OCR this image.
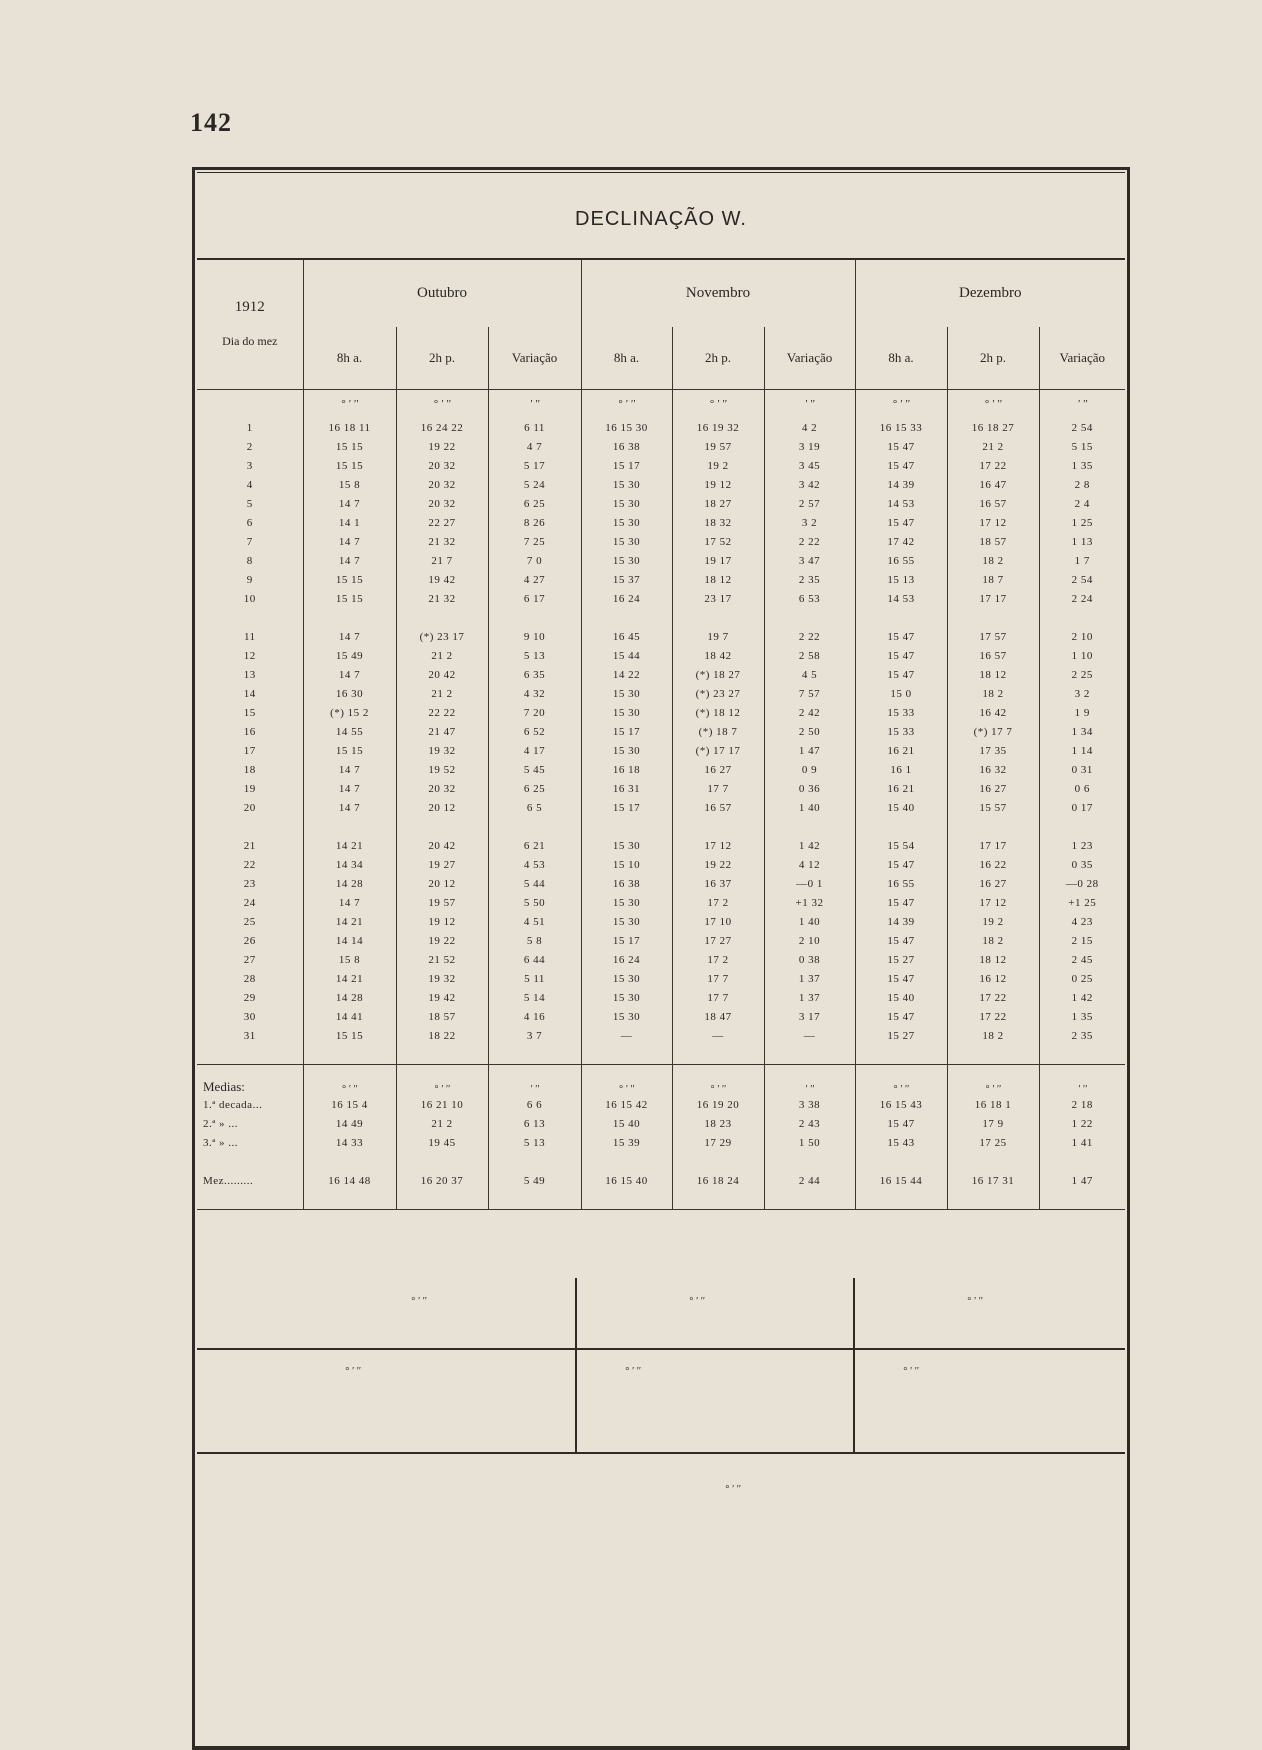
142
DECLINAÇÃO W.
1912
Dia do mez	Outubro			Novembro			Dezembro		
	8h a.	2h p.	Variação	8h a.	2h p.	Variação	8h a.	2h p.	Variação
	° ' ''	° ' ''	' ''	° ' ''	° ' ''	' ''	° ' ''	° ' ''	' ''
1	16 18 11	16 24 22	6 11	16 15 30	16 19 32	4 2	16 15 33	16 18 27	2 54
2	15 15	19 22	4 7	16 38	19 57	3 19	15 47	21 2	5 15
3	15 15	20 32	5 17	15 17	19 2	3 45	15 47	17 22	1 35
4	15 8	20 32	5 24	15 30	19 12	3 42	14 39	16 47	2 8
5	14 7	20 32	6 25	15 30	18 27	2 57	14 53	16 57	2 4
6	14 1	22 27	8 26	15 30	18 32	3 2	15 47	17 12	1 25
7	14 7	21 32	7 25	15 30	17 52	2 22	17 42	18 57	1 13
8	14 7	21 7	7 0	15 30	19 17	3 47	16 55	18 2	1 7
9	15 15	19 42	4 27	15 37	18 12	2 35	15 13	18 7	2 54
10	15 15	21 32	6 17	16 24	23 17	6 53	14 53	17 17	2 24

11	14 7	(*) 23 17	9 10	16 45	19 7	2 22	15 47	17 57	2 10
12	15 49	21 2	5 13	15 44	18 42	2 58	15 47	16 57	1 10
13	14 7	20 42	6 35	14 22	(*) 18 27	4 5	15 47	18 12	2 25
14	16 30	21 2	4 32	15 30	(*) 23 27	7 57	15 0	18 2	3 2
15	(*) 15 2	22 22	7 20	15 30	(*) 18 12	2 42	15 33	16 42	1 9
16	14 55	21 47	6 52	15 17	(*) 18 7	2 50	15 33	(*) 17 7	1 34
17	15 15	19 32	4 17	15 30	(*) 17 17	1 47	16 21	17 35	1 14
18	14 7	19 52	5 45	16 18	16 27	0 9	16 1	16 32	0 31
19	14 7	20 32	6 25	16 31	17 7	0 36	16 21	16 27	0 6
20	14 7	20 12	6 5	15 17	16 57	1 40	15 40	15 57	0 17

21	14 21	20 42	6 21	15 30	17 12	1 42	15 54	17 17	1 23
22	14 34	19 27	4 53	15 10	19 22	4 12	15 47	16 22	0 35
23	14 28	20 12	5 44	16 38	16 37	—0 1	16 55	16 27	—0 28
24	14 7	19 57	5 50	15 30	17 2	+1 32	15 47	17 12	+1 25
25	14 21	19 12	4 51	15 30	17 10	1 40	14 39	19 2	4 23
26	14 14	19 22	5 8	15 17	17 27	2 10	15 47	18 2	2 15
27	15 8	21 52	6 44	16 24	17 2	0 38	15 27	18 12	2 45
28	14 21	19 32	5 11	15 30	17 7	1 37	15 47	16 12	0 25
29	14 28	19 42	5 14	15 30	17 7	1 37	15 40	17 22	1 42
30	14 41	18 57	4 16	15 30	18 47	3 17	15 47	17 22	1 35
31	15 15	18 22	3 7	—	—	—	15 27	18 2	2 35

Medias:	° ' ''	° ' ''	' ''	° ' ''	° ' ''	' ''	° ' ''	° ' ''	' ''
1.ª decada...	16 15 4	16 21 10	6 6	16 15 42	16 19 20	3 38	16 15 43	16 18 1	2 18
2.ª » ...	14 49	21 2	6 13	15 40	18 23	2 43	15 47	17 9	1 22
3.ª » ...	14 33	19 45	5 13	15 39	17 29	1 50	15 43	17 25	1 41

Mez.........	16 14 48	16 20 37	5 49	16 15 40	16 18 24	2 44	16 15 44	16 17 31	1 47

° ' ''	° ' ''	° ' ''
° ' ''	° ' ''	° ' ''
° ' ''
